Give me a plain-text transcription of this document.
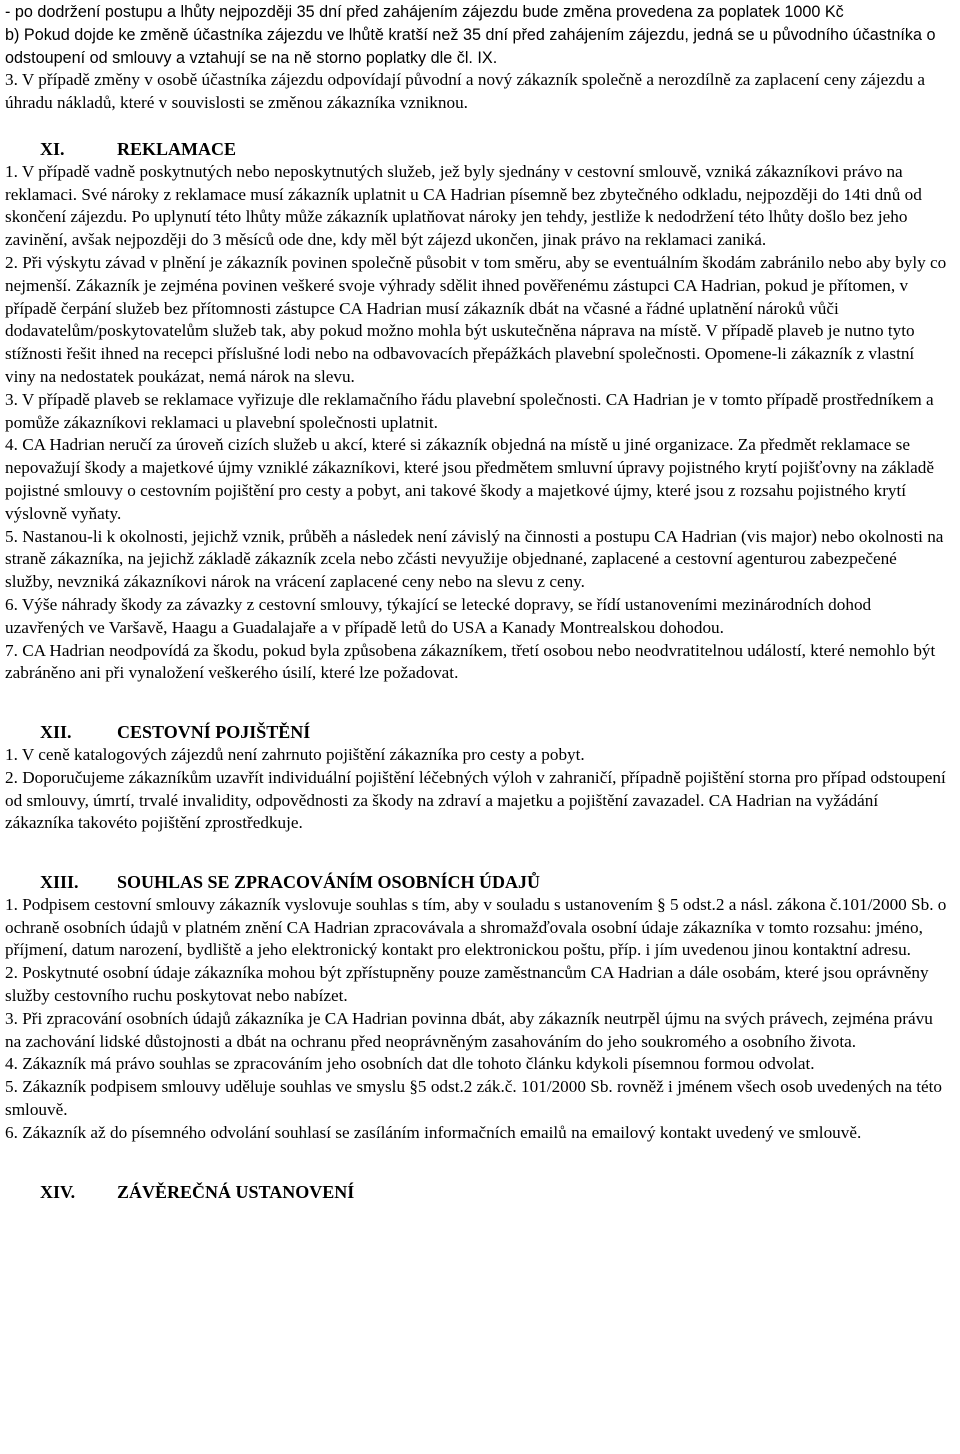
- po dodržení postupu a lhůty nejpozději 35 dní před zahájením zájezdu bude změna provedena za poplatek 1000 Kč

b) Pokud dojde ke změně účastníka zájezdu ve lhůtě kratší než 35 dní před zahájením zájezdu, jedná se u původního účastníka o odstoupení od smlouvy a vztahují se na ně storno poplatky dle čl. IX.

3. V případě změny v osobě účastníka zájezdu odpovídají původní a nový zákazník společně a nerozdílně za zaplacení ceny zájezdu a úhradu nákladů, které v souvislosti se změnou zákazníka vzniknou.

XI.	REKLAMACE

1. V případě vadně poskytnutých nebo neposkytnutých služeb, jež byly sjednány v cestovní smlouvě, vzniká zákazníkovi právo na reklamaci. Své nároky z reklamace musí zákazník uplatnit u CA Hadrian písemně bez zbytečného odkladu, nejpozději do 14ti dnů od skončení zájezdu. Po uplynutí této lhůty může zákazník uplatňovat nároky jen tehdy, jestliže k nedodržení této lhůty došlo bez jeho zavinění, avšak nejpozději do 3 měsíců ode dne, kdy měl být zájezd ukončen, jinak právo na reklamaci zaniká.

2. Při výskytu závad v plnění je zákazník povinen společně působit v tom směru, aby se eventuálním škodám zabránilo nebo aby byly co nejmenší. Zákazník je zejména povinen veškeré svoje výhrady sdělit ihned pověřenému zástupci CA Hadrian, pokud je přítomen, v případě čerpání služeb bez přítomnosti zástupce CA Hadrian musí zákazník dbát na včasné a řádné uplatnění nároků vůči dodavatelům/poskytovatelům služeb tak, aby pokud možno mohla být uskutečněna náprava na místě. V případě plaveb je nutno tyto stížnosti řešit ihned na recepci příslušné lodi nebo na odbavovacích přepážkách plavební společnosti. Opomene-li zákazník z vlastní viny na nedostatek poukázat, nemá nárok na slevu.

3. V případě plaveb se reklamace vyřizuje dle reklamačního řádu plavební společnosti. CA Hadrian je v tomto případě prostředníkem a pomůže zákazníkovi reklamaci u plavební společnosti uplatnit.

4. CA Hadrian neručí za úroveň cizích služeb u akcí, které si zákazník objedná na místě u jiné organizace. Za předmět reklamace se nepovažují škody a majetkové újmy vzniklé zákazníkovi, které jsou předmětem smluvní úpravy pojistného krytí pojišťovny na základě pojistné smlouvy o cestovním pojištění pro cesty a pobyt, ani takové škody a majetkové újmy, které jsou z rozsahu pojistného krytí výslovně vyňaty.

5. Nastanou-li k okolnosti, jejichž vznik, průběh a následek není závislý na činnosti a postupu CA Hadrian (vis major) nebo okolnosti na straně zákazníka, na jejichž základě zákazník zcela nebo zčásti nevyužije objednané, zaplacené a cestovní agenturou zabezpečené služby, nevzniká zákazníkovi nárok na vrácení zaplacené ceny nebo na slevu z ceny.

6. Výše náhrady škody za závazky z cestovní smlouvy, týkající se letecké dopravy, se řídí ustanoveními mezinárodních dohod uzavřených ve Varšavě, Haagu a Guadalajaře a v případě letů do USA a Kanady Montrealskou dohodou.

7. CA Hadrian neodpovídá za škodu, pokud byla způsobena zákazníkem, třetí osobou nebo neodvratitelnou událostí, které nemohlo být zabráněno ani při vynaložení veškerého úsilí, které lze požadovat.

XII.	CESTOVNÍ POJIŠTĚNÍ

1. V ceně katalogových zájezdů není zahrnuto pojištění zákazníka pro cesty a pobyt.

2. Doporučujeme zákazníkům uzavřít individuální pojištění léčebných výloh v zahraničí, případně pojištění storna pro případ odstoupení od smlouvy, úmrtí, trvalé invalidity, odpovědnosti za škody na zdraví a majetku a pojištění zavazadel. CA Hadrian na vyžádání zákazníka takovéto pojištění zprostředkuje.

XIII.	SOUHLAS SE ZPRACOVÁNÍM OSOBNÍCH ÚDAJŮ

1. Podpisem cestovní smlouvy zákazník vyslovuje souhlas s tím, aby v souladu s ustanovením § 5 odst.2 a násl. zákona č.101/2000 Sb. o ochraně osobních údajů v platném znění CA Hadrian zpracovávala a shromažďovala osobní údaje zákazníka v tomto rozsahu: jméno, příjmení, datum narození, bydliště a jeho elektronický kontakt pro elektronickou poštu, příp. i jím uvedenou jinou kontaktní adresu.

2. Poskytnuté osobní údaje zákazníka mohou být zpřístupněny pouze zaměstnancům CA Hadrian a dále osobám, které jsou oprávněny služby cestovního ruchu poskytovat nebo nabízet.

3. Při zpracování osobních údajů zákazníka je CA Hadrian povinna dbát, aby zákazník neutrpěl újmu na svých právech, zejména právu na zachování lidské důstojnosti a dbát na ochranu před neoprávněným zasahováním do jeho soukromého a osobního života.

4. Zákazník má právo souhlas se zpracováním jeho osobních dat dle tohoto článku kdykoli písemnou formou odvolat.

5. Zákazník podpisem smlouvy uděluje souhlas ve smyslu §5 odst.2 zák.č. 101/2000 Sb. rovněž i jménem všech osob uvedených na této smlouvě.

6. Zákazník až do písemného odvolání souhlasí se zasíláním informačních emailů na emailový kontakt uvedený ve smlouvě.

XIV.	ZÁVĚREČNÁ USTANOVENÍ
